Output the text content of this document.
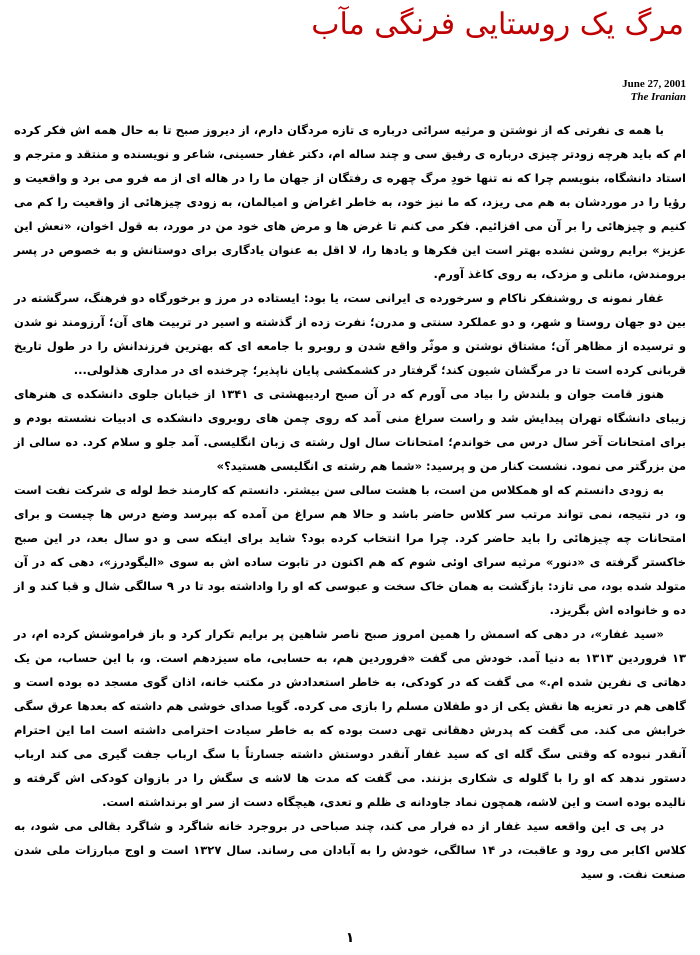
مرگ یک روستایی فرنگی مآب
June 27, 2001
The Iranian

با همه ی نفرتی که از نوشتن و مرثیه سرائی درباره ی تازه مردگان دارم، از دیروز صبح تا به حال همه اش فکر کرده ام که باید هرچه زودتر چیزی درباره ی رفیق سی و چند ساله ام، دکتر غفار حسینی، شاعر و نویسنده و منتقد و مترجم و استاد دانشگاه، بنویسم چرا که نه تنها خودِ مرگ چهره ی رفتگان از جهان ما را در هاله ای از مه فرو می برد و واقعیت و رؤیا را در موردشان به هم می ریزد، که ما نیز خود، به خاطر اغراض و امیالمان، به زودی چیزهائی از واقعیت را کم می کنیم و چیزهائی را بر آن می افزائیم. فکر می کنم تا غرض ها و مرض های خود من در مورد، به قول اخوان، «نعش این عزیز» برایم روشن نشده بهتر است این فکرها و یادها را، لا اقل به عنوان یادگاری برای دوستانش و به خصوص در پسر برومندش، مانلی و مزدک، به روی کاغذ آورم.

غفار نمونه ی روشنفکر ناکام و سرخورده ی ایرانی ست، یا بود: ایستاده در مرز و برخورگاه دو فرهنگ، سرگشته در بین دو جهان روستا و شهر، و دو عملکرد سنتی و مدرن؛ نفرت زده از گذشته و اسیر در تربیت های آن؛ آرزومند نو شدن و ترسیده از مظاهر آن؛ مشتاق نوشتن و موثّر واقع شدن و روبرو با جامعه ای که بهترین فرزندانش را در طول تاریخ قربانی کرده است تا در مرگشان شیون کند؛ گرفتار در کشمکشی پایان ناپذیر؛ چرخنده ای در مداری هذلولی...

هنوز قامت جوان و بلندش را بیاد می آورم که در آن صبح اردیبهشتی ی ۱۳۴۱ از خیابان جلوی دانشکده ی هنرهای زیبای دانشگاه تهران پیدایش شد و راست سراغ منی آمد که روی چمن های روبروی دانشکده ی ادبیات نشسته بودم و برای امتحانات آخر سال درس می خواندم؛ امتحانات سال اول رشته ی زبان انگلیسی. آمد جلو و سلام کرد. ده سالی از من بزرگتر می نمود. نشست کنار من و پرسید: «شما هم رشته ی انگلیسی هستید؟»

به زودی دانستم که او همکلاس من است، با هشت سالی سن بیشتر. دانستم که کارمند خط لوله ی شرکت نفت است و، در نتیجه، نمی تواند مرتب سر کلاس حاضر باشد و حالا هم سراغ من آمده که بپرسد وضع درس ها چیست و برای امتحانات چه چیزهائی را باید حاضر کرد. چرا مرا انتخاب کرده بود؟ شاید برای اینکه سی و دو سال بعد، در این صبح خاکستر گرفته ی «دنور» مرثیه سرای اوئی شوم که هم اکنون در تابوت ساده اش به سوی «الیگودرز»، دهی که در آن متولد شده بود، می تازد: بازگشت به همان خاک سخت و عبوسی که او را واداشته بود تا در ۹ سالگی شال و قبا کند و از ده و خانواده اش بگریزد.

«سید غفار»، در دهی که اسمش را همین امروز صبح ناصر شاهین پر برایم تکرار کرد و باز فراموشش کرده ام، در ۱۳ فروردین ۱۳۱۳ به دنیا آمد. خودش می گفت «فروردین هم، به حسابی، ماه سیزدهم است. و، با این حساب، من یک دهاتی ی نفرین شده ام.» می گفت که در کودکی، به خاطر استعدادش در مکتب خانه، اذان گوی مسجد ده بوده است و گاهی هم در تعزیه ها نقش یکی از دو طفلان مسلم را بازی می کرده. گویا صدای خوشی هم داشته که بعدها عرق سگی خرابش می کند. می گفت که پدرش دهقانی تهی دست بوده که به خاطر سیادت احترامی داشته است اما این احترام آنقدر نبوده که وقتی سگ گله ای که سید غفار آنقدر دوستش داشته جسارتاً با سگ ارباب جفت گیری می کند ارباب دستور ندهد که او را با گلوله ی شکاری بزنند. می گفت که مدت ها لاشه ی سگش را در بازوان کودکی اش گرفته و نالیده بوده است و این لاشه، همچون نماد جاودانه ی ظلم و تعدی، هیچگاه دست از سر او برنداشته است.

در پی ی این واقعه سید غفار از ده فرار می کند، چند صباحی در بروجرد خانه شاگرد و شاگرد بقالی می شود، به کلاس اکابر می رود و عاقبت، در ۱۴ سالگی، خودش را به آبادان می رساند. سال ۱۳۲۷ است و اوج مبارزات ملی شدن صنعت نفت. و سید

۱
